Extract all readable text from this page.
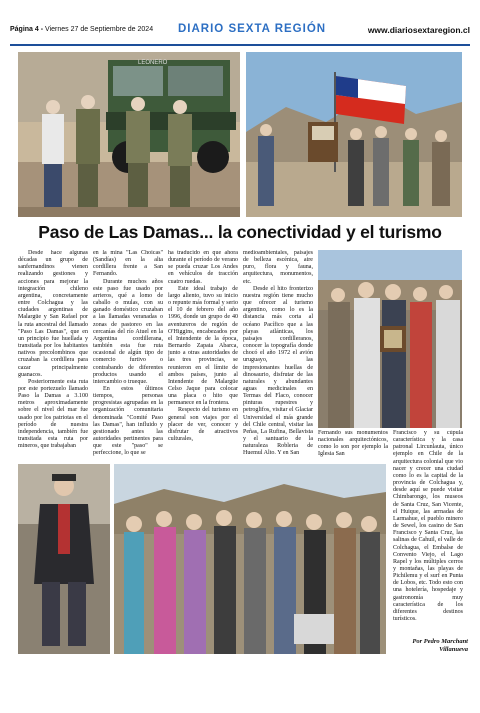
Página 4 - Viernes 27 de Septiembre de 2024 DIARIO SEXTA REGIÓN	www.diariosextaregion.cl
LEONERO
Paso de Las Damas... la conectividad y el turismo

Desde hace algunas décadas un grupo de sanfernandinos vienen realizando gestiones y acciones para mejorar la integración chileno argentina, concretamente entre Colchagua y las ciudades argentinas de Malargüe y San Rafael por la ruta ancestral del llamado "Paso Las Damas", que en un principio fue huellada y transitada por los habitantes nativos precolombinos que cruzaban la cordillera para cazar principalmente guanacos.

Posteriormente esta ruta por este portezuelo llamado Paso la Damas a 3.100 metros aproximadamente sobre el nivel del mar fue usado por los patriotas en el período de nuestra independencia, también fue transitada esta ruta por mineros, que trabajaban

en la mina "Las Choicas" (Sandías) en la alta cordillera frente a San Fernando.

Durante muchos años este paso fue usado por arrieros, qué a lomo de caballo o mulas, con su ganado doméstico cruzaban a las llamadas veranadas o zonas de pastoreo en las cercanías del río Atuel en la Argentina cordillerana, también esta fue ruta ocasional de algún tipo de comercio furtivo o contrabando de diferentes productos usando el intercambio o trueque.

En estos últimos tiempos, personas progresistas agrupadas en la organización comunitaria denominada "Comité Paso las Damas", han influido y gestionado antes las autoridades pertinentes para que este "paso" se perfeccione, lo que se

ha traducido en que ahora durante el período de verano se pueda cruzar Los Andes en vehículos de tracción cuatro ruedas.

Este ideal trabajo de largo aliento, tuvo su inicio o repunte más formal y serio el 10 de febrero del año 1996, donde un grupo de 40 aventureros de región de O'Higgins, encabezados por el Intendente de la época, Bernardo Zapata Abarca, junto a otras autoridades de las tres provincias, se reunieron en el límite de ambos países, junto al Intendente de Malargüe Celso Jaque para colocar una placa o hito que permanece en la frontera.

Respecto del turismo en general son viajes por el placer de ver, conocer y disfrutar de atractivos culturales,

medioambientales, paisajes de belleza escénica, aire puro, flora y fauna, arquitectura, monumentos, etc.

Desde el hito fronterizo nuestra región tiene mucho que ofrecer al turismo argentino, como lo es la distancia más corta al océano Pacífico que a las playas atlánticas, los paisajes cordilleranos, conocer la topografía donde chocó el año 1972 el avión uruguayo, las impresionantes huellas de dinosaurio, disfrutar de las naturales y abundantes aguas medicinales en Termas del Flaco, conocer pinturas rupestres y petroglifos, visitar el Glaciar Universidad el más grande del Chile central, visitar las Peñas, La Rufina, Bellavista y el santuario de la naturaleza Robleria de Huemul Alto. Y en San

Fernando sus monumentos nacionales arquitectónicos, como lo son por ejemplo la Iglesia San

Francisco y su cúpula característica y la casa patronal Lircunlauta, único ejemplo en Chile de la arquitectura colonial que vio nacer y crecer una ciudad como lo es la capital de la provincia de Colchagua y, desde aquí se puede visitar Chimbarongo, los museos de Santa Cruz, San Vicente, el Huique, las arrnadas de Larmahue, el pueblo minero de Sewel, los casino de San Francisco y Santa Cruz, las salinas de Cahuil, el valle de Colchagua, el Embalse de Convento Viejo, el Lago Rapel y los múltiples cerros y montañas, las playas de Pichilemu y el surf en Punta de Lobos, etc. Todo esto con una hotelería, hospedaje y gastronomía muy característica de los diferentes destinos turísticos.

Por Pedro Marchant
Villanueva
